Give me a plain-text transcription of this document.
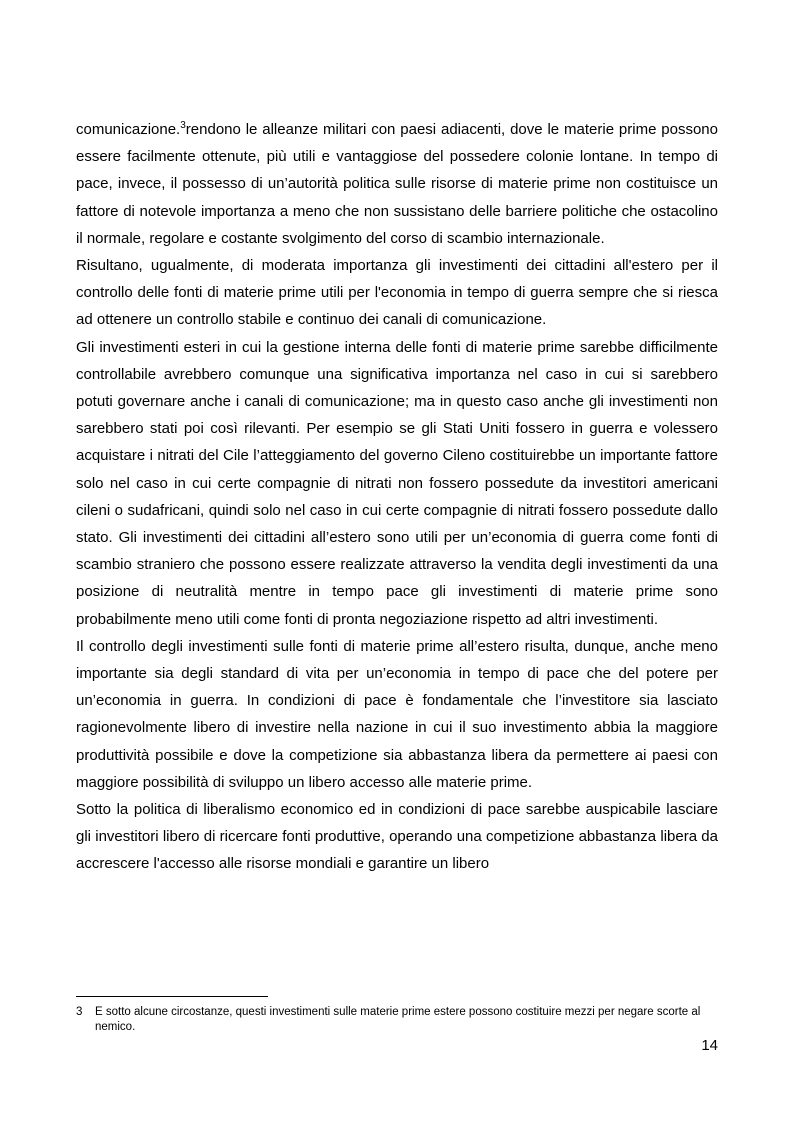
comunicazione.$^3$rendono le alleanze militari con paesi adiacenti, dove le materie prime possono essere facilmente ottenute, più utili e vantaggiose del possedere colonie lontane. In tempo di pace, invece, il possesso di un’autorità politica sulle risorse di materie prime non costituisce un fattore di notevole importanza a meno che non sussistano delle barriere politiche che ostacolino il normale, regolare e costante svolgimento del corso di scambio internazionale.

Risultano, ugualmente, di moderata importanza gli investimenti dei cittadini all'estero per il controllo delle fonti di materie prime utili per l'economia in tempo di guerra sempre che si riesca ad ottenere un controllo stabile e continuo dei canali di comunicazione.

Gli investimenti esteri in cui la gestione interna delle fonti di materie prime sarebbe difficilmente controllabile avrebbero comunque una significativa importanza nel caso in cui si sarebbero potuti governare anche i canali di comunicazione; ma in questo caso anche gli investimenti non sarebbero stati poi così rilevanti. Per esempio se gli Stati Uniti fossero in guerra e volessero acquistare i nitrati del Cile l’atteggiamento del governo Cileno costituirebbe un importante fattore solo nel caso in cui certe compagnie di nitrati non fossero possedute da investitori americani cileni o sudafricani, quindi solo nel caso in cui certe compagnie di nitrati fossero possedute dallo stato. Gli investimenti dei cittadini all’estero sono utili per un’economia di guerra come fonti di scambio straniero che possono essere realizzate attraverso la vendita degli investimenti da una posizione di neutralità mentre in tempo pace gli investimenti di materie prime sono probabilmente meno utili come fonti di pronta negoziazione rispetto ad altri investimenti.

Il controllo degli investimenti sulle fonti di materie prime all’estero risulta, dunque, anche meno importante sia degli standard di vita per un’economia in tempo di pace che del potere per un’economia in guerra. In condizioni di pace è fondamentale che l’investitore sia lasciato ragionevolmente libero di investire nella nazione in cui il suo investimento abbia la maggiore produttività possibile e dove la competizione sia abbastanza libera da permettere ai paesi con maggiore possibilità di sviluppo un libero accesso alle materie prime.

Sotto la politica di liberalismo economico ed in condizioni di pace sarebbe auspicabile lasciare gli investitori libero di ricercare fonti produttive, operando una competizione abbastanza libera da accrescere l'accesso alle risorse mondiali e garantire un libero

3 E sotto alcune circostanze, questi investimenti sulle materie prime estere possono costituire mezzi per negare scorte al nemico.
14
